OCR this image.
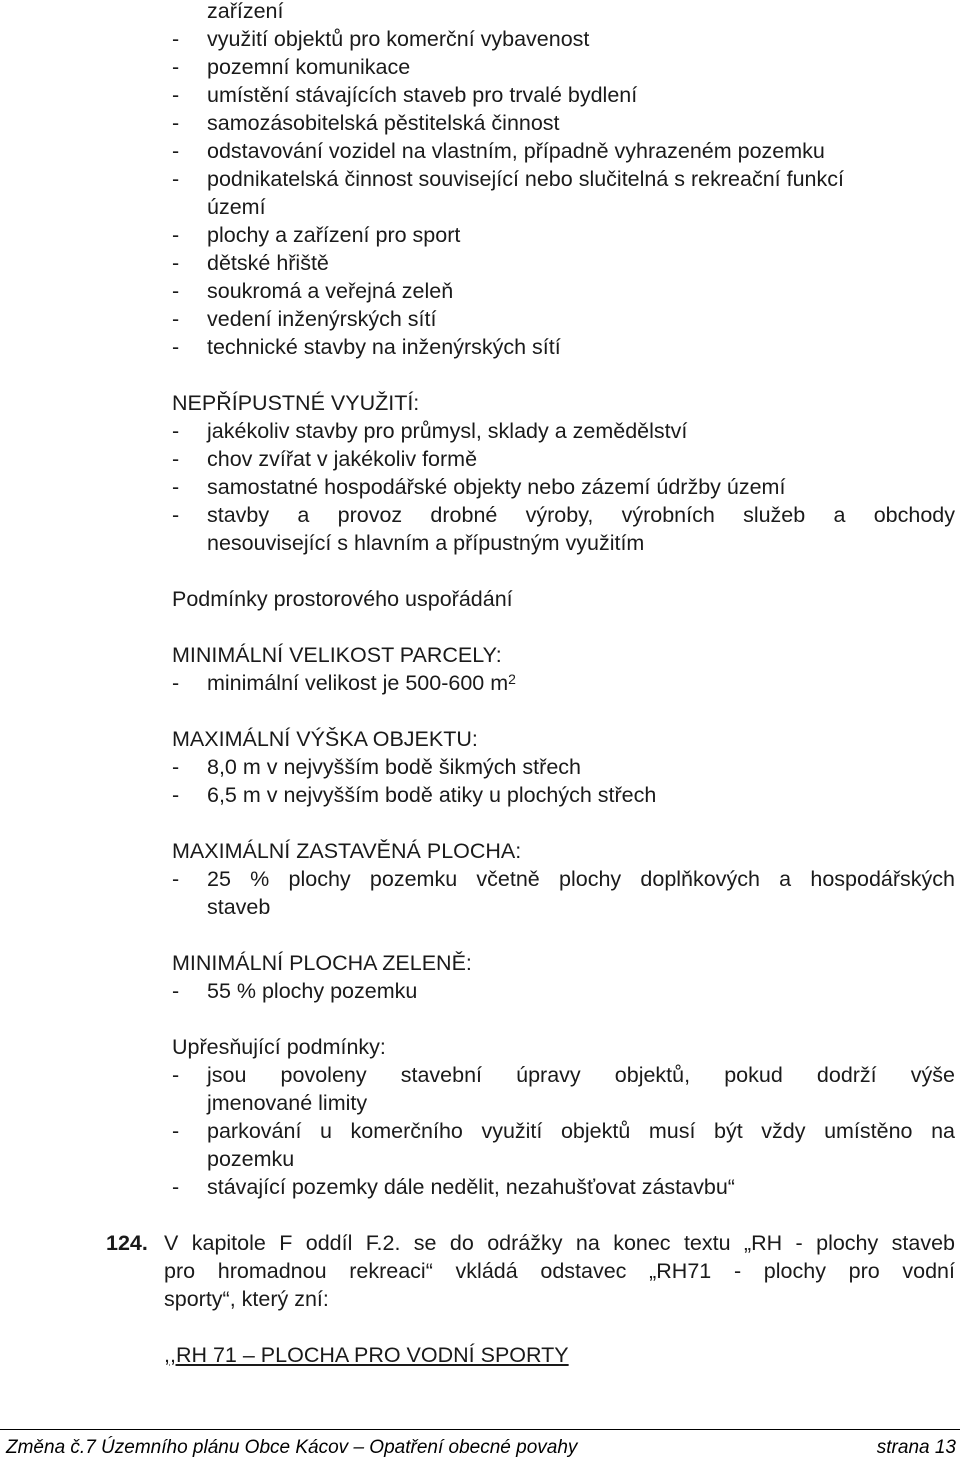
zařízení
- využití objektů pro komerční vybavenost
- pozemní komunikace
- umístění stávajících staveb pro trvalé bydlení
- samozásobitelská pěstitelská činnost
- odstavování vozidel na vlastním, případně vyhrazeném pozemku
- podnikatelská činnost související nebo slučitelná s rekreační funkcí
území
- plochy a zařízení pro sport
- dětské hřiště
- soukromá a veřejná zeleň
- vedení inženýrských sítí
- technické stavby na inženýrských sítí
NEPŘÍPUSTNÉ VYUŽITÍ:
- jakékoliv stavby pro průmysl, sklady a zemědělství
- chov zvířat v jakékoliv formě
- samostatné hospodářské objekty nebo zázemí údržby území
- stavby a provoz drobné výroby, výrobních služeb a obchody
nesouvisející s hlavním a přípustným využitím
Podmínky prostorového uspořádání
MINIMÁLNÍ VELIKOST PARCELY:
- minimální velikost je 500-600 $m^2$
MAXIMÁLNÍ VÝŠKA OBJEKTU:
- 8,0 m v nejvyšším bodě šikmých střech
- 6,5 m v nejvyšším bodě atiky u plochých střech
MAXIMÁLNÍ ZASTAVĚNÁ PLOCHA:
- 25 % plochy pozemku včetně plochy doplňkových a hospodářských
staveb
MINIMÁLNÍ PLOCHA ZELENĚ:
- 55 % plochy pozemku
Upřesňující podmínky:
- jsou povoleny stavební úpravy objektů, pokud dodrží výše
jmenované limity
- parkování u komerčního využití objektů musí být vždy umístěno na
pozemku
- stávající pozemky dále nedělit, nezahušťovat zástavbu“
124. V kapitole F oddíl F.2. se do odrážky na konec textu „RH - plochy staveb
pro hromadnou rekreaci“ vkládá odstavec „RH71 - plochy pro vodní
sporty“, který zní:
,,RH 71 – PLOCHA PRO VODNÍ SPORTY
Změna č.7 Územního plánu Obce Kácov – Opatření obecné povahy	strana 13
